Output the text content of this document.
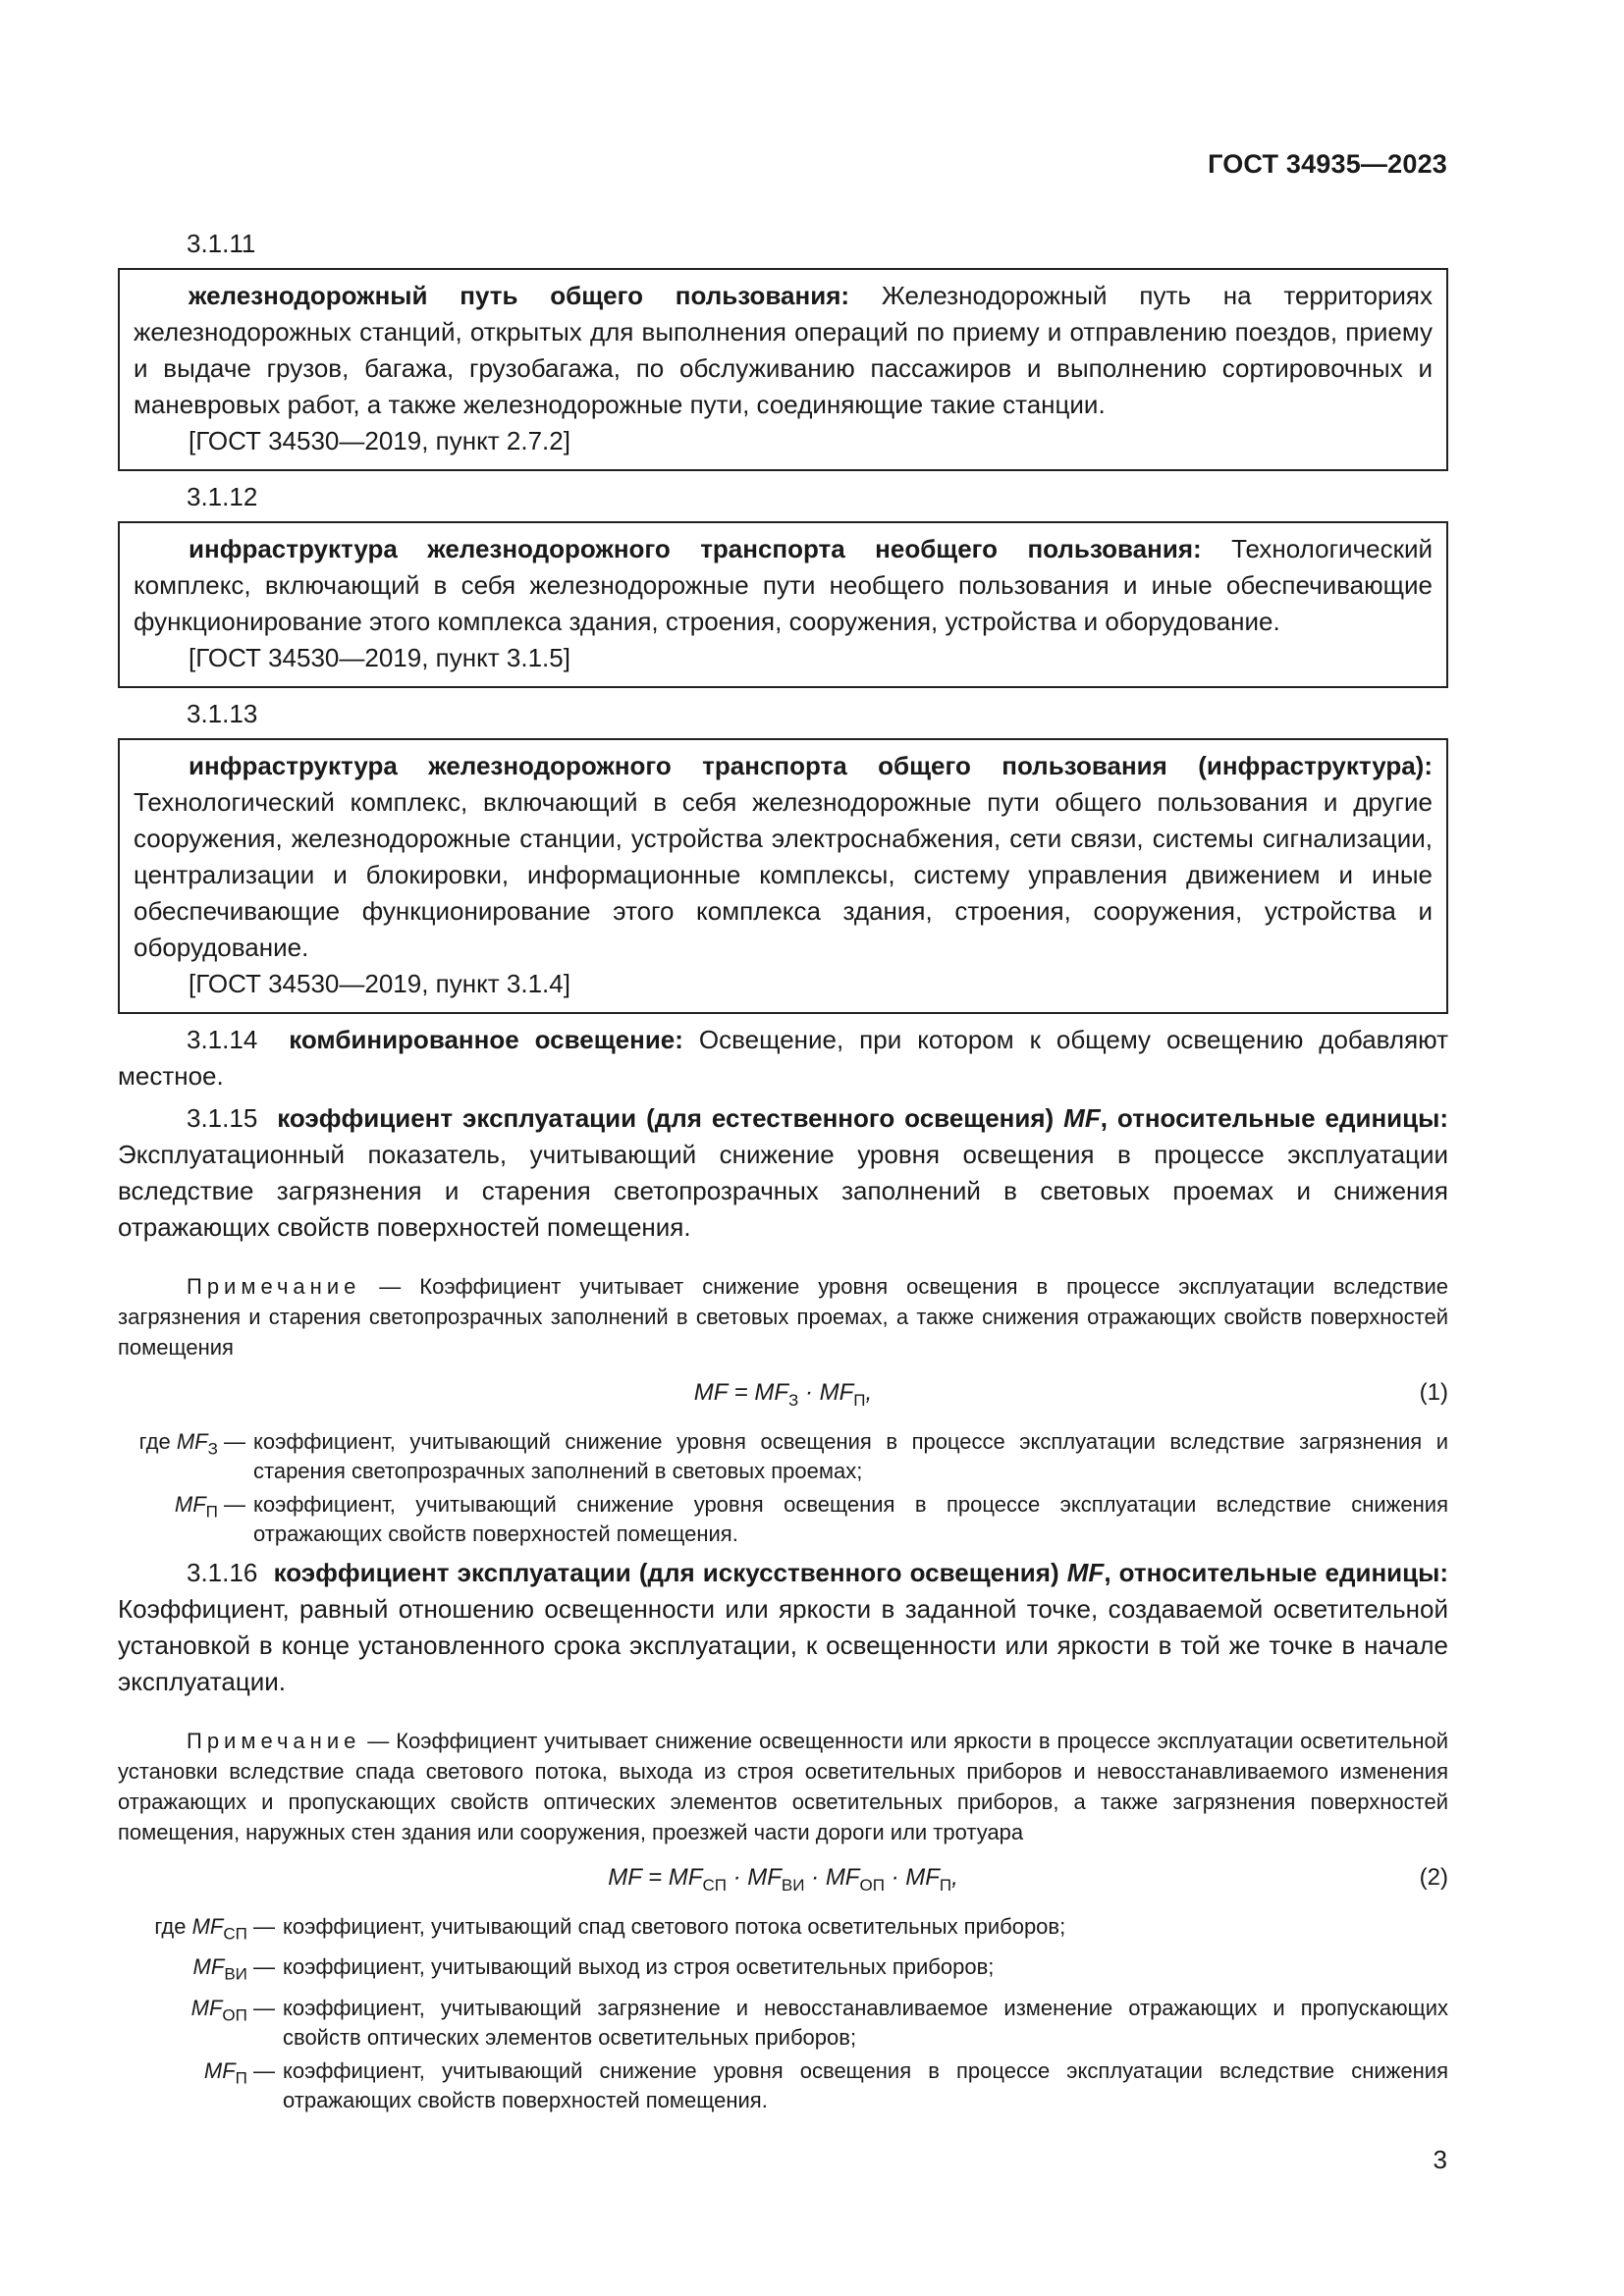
ГОСТ 34935—2023

3.1.11

железнодорожный путь общего пользования: Железнодорожный путь на территориях железнодорожных станций, открытых для выполнения операций по приему и отправлению поездов, приему и выдаче грузов, багажа, грузобагажа, по обслуживанию пассажиров и выполнению сортировочных и маневровых работ, а также железнодорожные пути, соединяющие такие станции.

[ГОСТ 34530—2019, пункт 2.7.2]

3.1.12

инфраструктура железнодорожного транспорта необщего пользования: Технологический комплекс, включающий в себя железнодорожные пути необщего пользования и иные обеспечивающие функционирование этого комплекса здания, строения, сооружения, устройства и оборудование.

[ГОСТ 34530—2019, пункт 3.1.5]

3.1.13

инфраструктура железнодорожного транспорта общего пользования (инфраструктура): Технологический комплекс, включающий в себя железнодорожные пути общего пользования и другие сооружения, железнодорожные станции, устройства электроснабжения, сети связи, системы сигнализации, централизации и блокировки, информационные комплексы, систему управления движением и иные обеспечивающие функционирование этого комплекса здания, строения, сооружения, устройства и оборудование.

[ГОСТ 34530—2019, пункт 3.1.4]

3.1.14 комбинированное освещение: Освещение, при котором к общему освещению добавляют местное.

3.1.15 коэффициент эксплуатации (для естественного освещения) MF, относительные единицы: Эксплуатационный показатель, учитывающий снижение уровня освещения в процессе эксплуатации вследствие загрязнения и старения светопрозрачных заполнений в световых проемах и снижения отражающих свойств поверхностей помещения.

Примечание — Коэффициент учитывает снижение уровня освещения в процессе эксплуатации вследствие загрязнения и старения светопрозрачных заполнений в световых проемах, а также снижения отражающих свойств поверхностей помещения

MF = $MF_З \cdot MF_П$,	(1)
где $MF_З$ — коэффициент, учитывающий снижение уровня освещения в процессе эксплуатации вследствие загрязнения и старения светопрозрачных заполнений в световых проемах;
$MF_П$ — коэффициент, учитывающий снижение уровня освещения в процессе эксплуатации вследствие снижения отражающих свойств поверхностей помещения.

3.1.16 коэффициент эксплуатации (для искусственного освещения) MF, относительные единицы: Коэффициент, равный отношению освещенности или яркости в заданной точке, создаваемой осветительной установкой в конце установленного срока эксплуатации, к освещенности или яркости в той же точке в начале эксплуатации.

Примечание — Коэффициент учитывает снижение освещенности или яркости в процессе эксплуатации осветительной установки вследствие спада светового потока, выхода из строя осветительных приборов и невосстанавливаемого изменения отражающих и пропускающих свойств оптических элементов осветительных приборов, а также загрязнения поверхностей помещения, наружных стен здания или сооружения, проезжей части дороги или тротуара

MF = $MF_{СП} \cdot MF_{ВИ} \cdot MF_{ОП} \cdot MF_П$,	(2)
где $MF_{СП}$ — коэффициент, учитывающий спад светового потока осветительных приборов;
$MF_{ВИ}$ — коэффициент, учитывающий выход из строя осветительных приборов;
$MF_{ОП}$ — коэффициент, учитывающий загрязнение и невосстанавливаемое изменение отражающих и пропускающих свойств оптических элементов осветительных приборов;
$MF_П$ — коэффициент, учитывающий снижение уровня освещения в процессе эксплуатации вследствие снижения отражающих свойств поверхностей помещения.
3
